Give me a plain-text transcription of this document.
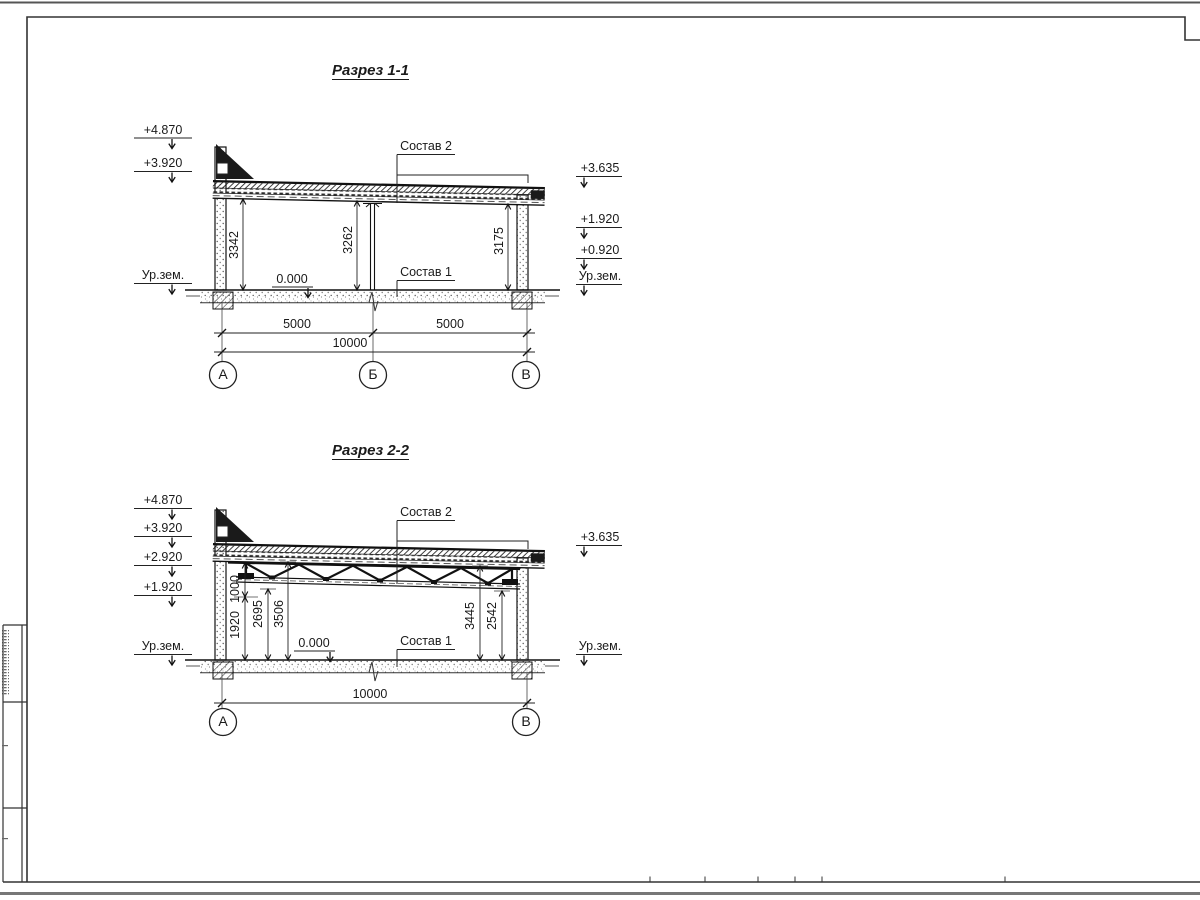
Разрез 1-1
+4.870
+3.920
Ур.зем.
+3.635
+1.920
+0.920
Ур.зем.
Состав 2
Состав 1
0.000
3342	3262	3175
5000	5000
10000
А	Б	В
Разрез 2-2
+4.870
+3.920
+2.920
+1.920
Ур.зем.
+3.635
Ур.зем.
Состав 2
Состав 1
0.000
1000
1920 2695 3506	3445 2542
10000
А	В
